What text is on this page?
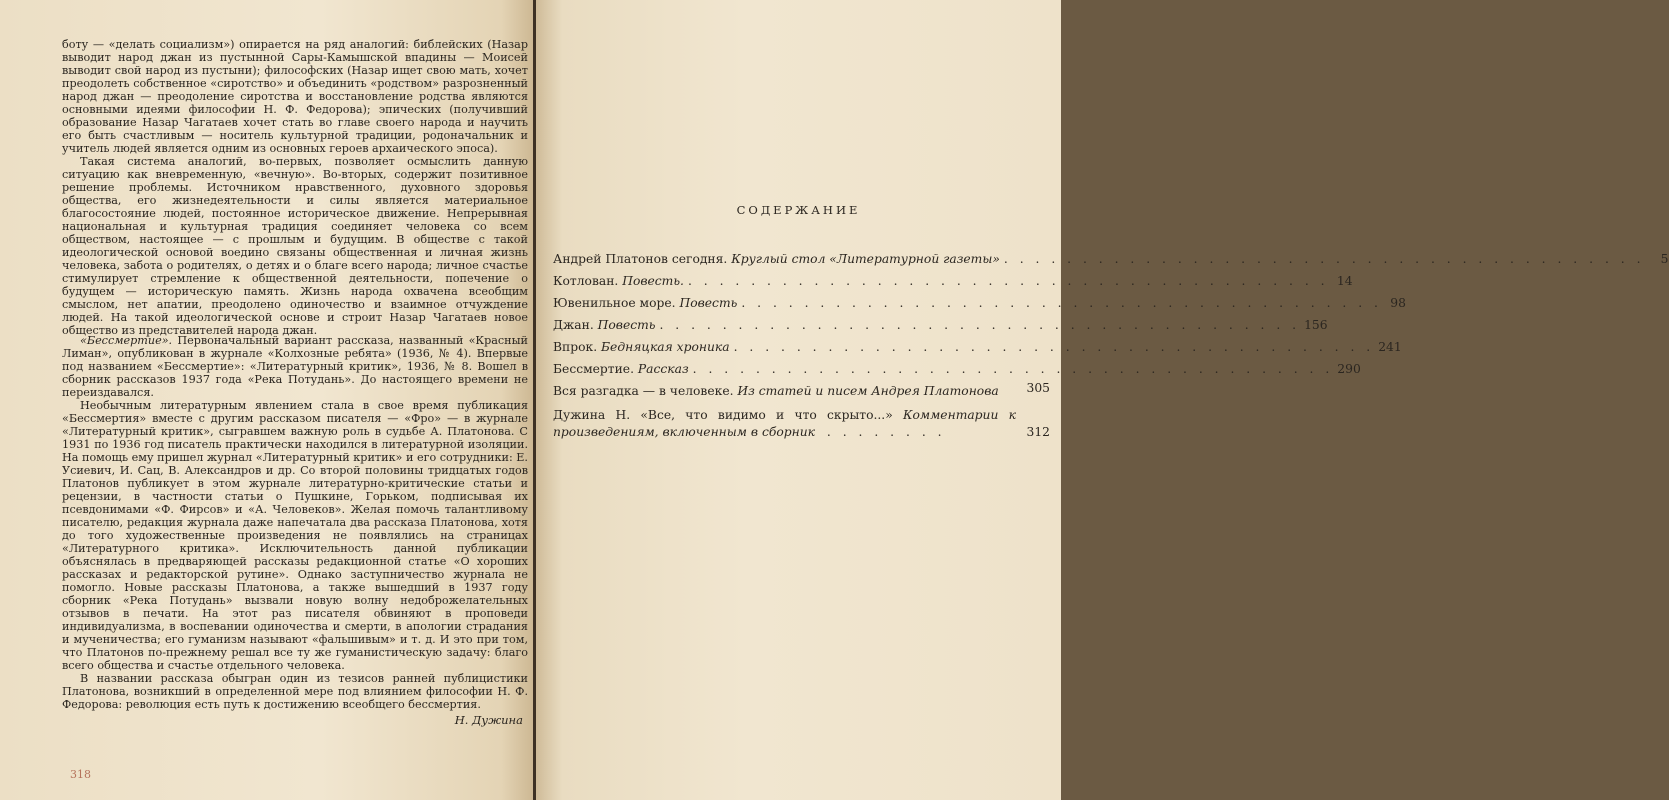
боту — «делать социализм») опирается на ряд аналогий: библейских (Назар выводит народ джан из пустынной Сары-Камышской впадины — Моисей выводит свой народ из пустыни); философских (Назар ищет свою мать, хочет преодолеть собственное «сиротство» и объединить «родством» разрозненный народ джан — преодоление сиротства и восстановление родства являются основными идеями философии Н. Ф. Федорова); эпических (получивший образование Назар Чагатаев хочет стать во главе своего народа и научить его быть счастливым — носитель культурной традиции, родоначальник и учитель людей является одним из основных героев архаического эпоса).

Такая система аналогий, во-первых, позволяет осмыслить данную ситуацию как вневременную, «вечную». Во-вторых, содержит позитивное решение проблемы. Источником нравственного, духовного здоровья общества, его жизнедеятельности и силы является материальное благосостояние людей, постоянное историческое движение. Непрерывная национальная и культурная традиция соединяет человека со всем обществом, настоящее — с прошлым и будущим. В обществе с такой идеологической основой воедино связаны общественная и личная жизнь человека, забота о родителях, о детях и о благе всего народа; личное счастье стимулирует стремление к общественной деятельности, попечение о будущем — историческую память. Жизнь народа охвачена всеобщим смыслом, нет апатии, преодолено одиночество и взаимное отчуждение людей. На такой идеологической основе и строит Назар Чагатаев новое общество из представителей народа джан.

«Бессмертие». Первоначальный вариант рассказа, названный «Красный Лиман», опубликован в журнале «Колхозные ребята» (1936, № 4). Впервые под названием «Бессмертие»: «Литературный критик», 1936, № 8. Вошел в сборник рассказов 1937 года «Река Потудань». До настоящего времени не переиздавался.

Необычным литературным явлением стала в свое время публикация «Бессмертия» вместе с другим рассказом писателя — «Фро» — в журнале «Литературный критик», сыгравшем важную роль в судьбе А. Платонова. С 1931 по 1936 год писатель практически находился в литературной изоляции. На помощь ему пришел журнал «Литературный критик» и его сотрудники: Е. Усиевич, И. Сац, В. Александров и др. Со второй половины тридцатых годов Платонов публикует в этом журнале литературно-критические статьи и рецензии, в частности статьи о Пушкине, Горьком, подписывая их псевдонимами «Ф. Фирсов» и «А. Человеков». Желая помочь талантливому писателю, редакция журнала даже напечатала два рассказа Платонова, хотя до того художественные произведения не появлялись на страницах «Литературного критика». Исключительность данной публикации объяснялась в предваряющей рассказы редакционной статье «О хороших рассказах и редакторской рутине». Однако заступничество журнала не помогло. Новые рассказы Платонова, а также вышедший в 1937 году сборник «Река Потудань» вызвали новую волну недоброжелательных отзывов в печати. На этот раз писателя обвиняют в проповеди индивидуализма, в воспевании одиночества и смерти, в апологии страдания и мученичества; его гуманизм называют «фальшивым» и т. д. И это при том, что Платонов по-прежнему решал все ту же гуманистическую задачу: благо всего общества и счастье отдельного человека.

В названии рассказа обыгран один из тезисов ранней публицистики Платонова, возникший в определенной мере под влиянием философии Н. Ф. Федорова: революция есть путь к достижению всеобщего бессмертия.

Н. Дужина
318
СОДЕРЖАНИЕ
Андрей Платонов сегодня. Круглый стол «Литературной газеты» . . . . . . . . . . . . . . . . . . . . . . . . . . . . . . . . . . . . . . . . .	5
Котлован. Повесть. . . . . . . . . . . . . . . . . . . . . . . . . . . . . . . . . . . . . . . . . . 14
Ювенильное море. Повесть . . . . . . . . . . . . . . . . . . . . . . . . . . . . . . . . . . . . . . . . . 98
Джан. Повесть . . . . . . . . . . . . . . . . . . . . . . . . . . . . . . . . . . . . . . . . . 156
Впрок. Бедняцкая хроника . . . . . . . . . . . . . . . . . . . . . . . . . . . . . . . . . . . . . . . . . 241
Бессмертие. Рассказ . . . . . . . . . . . . . . . . . . . . . . . . . . . . . . . . . . . . . . . . . 290
Вся разгадка — в человеке. Из статей и писем Андрея Платонова	305
Дужина Н. «Все, что видимо и что скрыто...» Комментарии к произведениям, включенным в сборник . . . . . . . .	312
